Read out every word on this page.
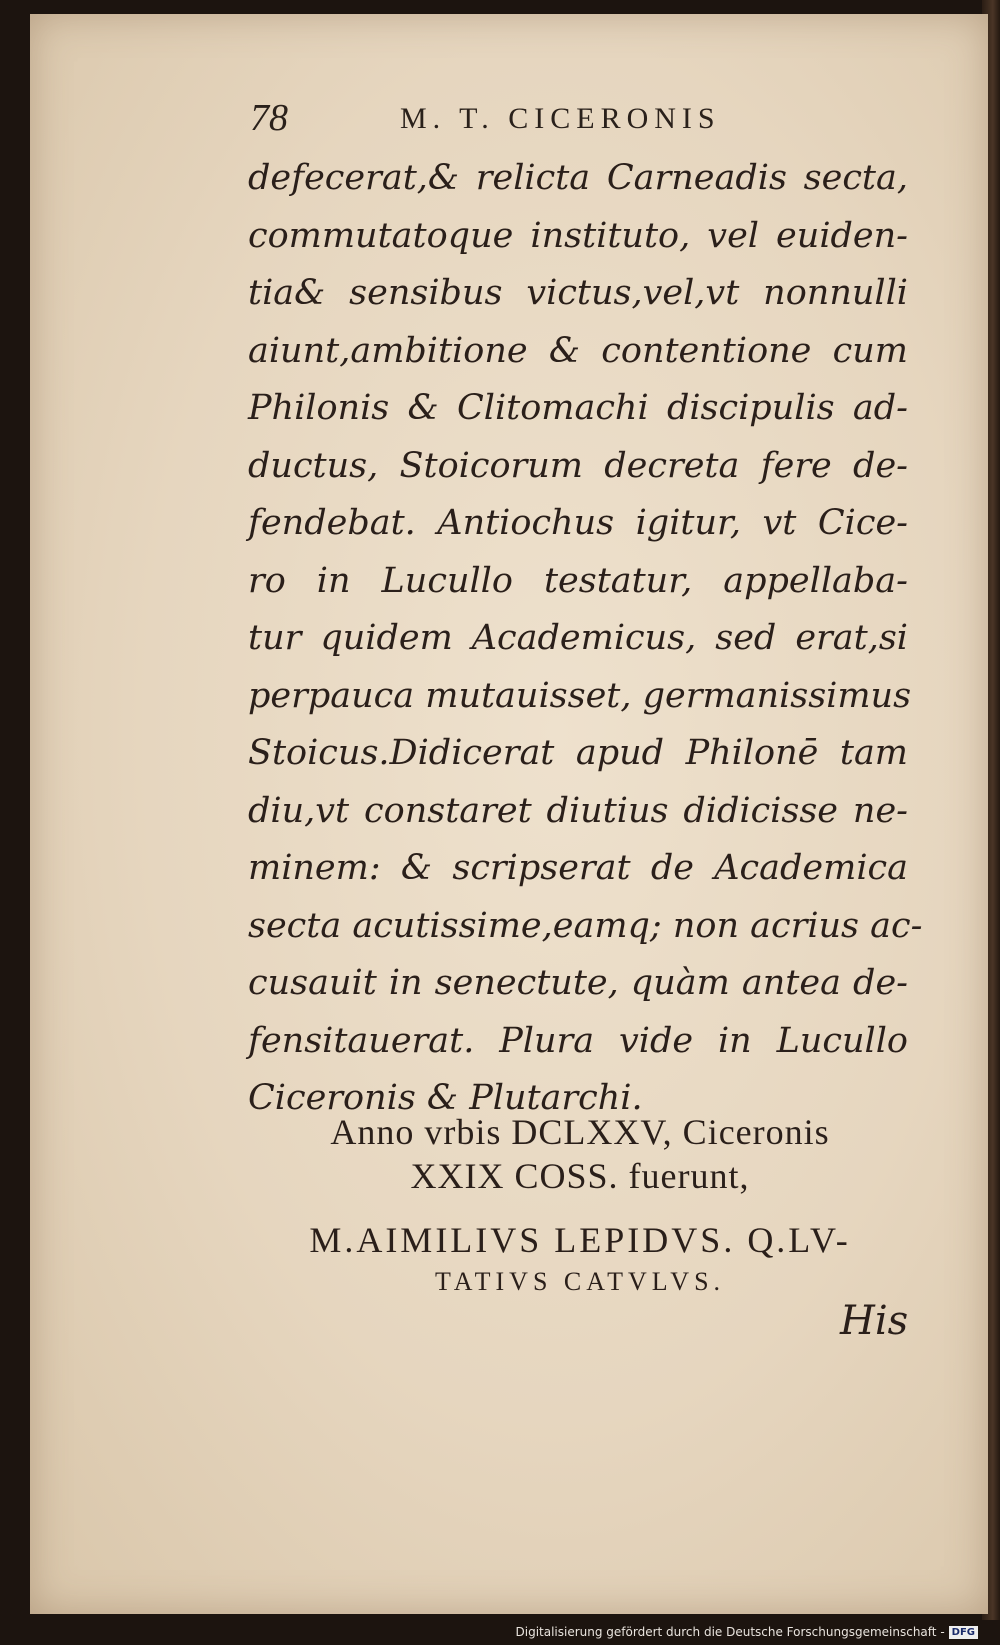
78	M. T. CICERONIS

defecerat,& relicta Carneadis secta,
commutatoque instituto, vel euiden-
tia& sensibus victus,vel,vt nonnulli
aiunt,ambitione & contentione cum
Philonis & Clitomachi discipulis ad-
ductus, Stoicorum decreta fere de-
fendebat. Antiochus igitur, vt Cice-
ro in Lucullo testatur, appellaba-
tur quidem Academicus, sed erat,si
perpauca mutauisset, germanissimus
Stoicus.Didicerat apud Philonē tam
diu,vt constaret diutius didicisse ne-
minem: & scripserat de Academica
secta acutissime,eamq; non acrius ac-
cusauit in senectute, quàm antea de-
fensitauerat. Plura vide in Lucullo
Ciceronis & Plutarchi.

Anno vrbis DCLXXV, Ciceronis
XXIX COSS. fuerunt,
M.AIMILIVS LEPIDVS. Q.LV-
TATIVS CATVLVS.
His
Digitalisierung gefördert durch die Deutsche Forschungsgemeinschaft - DFG
